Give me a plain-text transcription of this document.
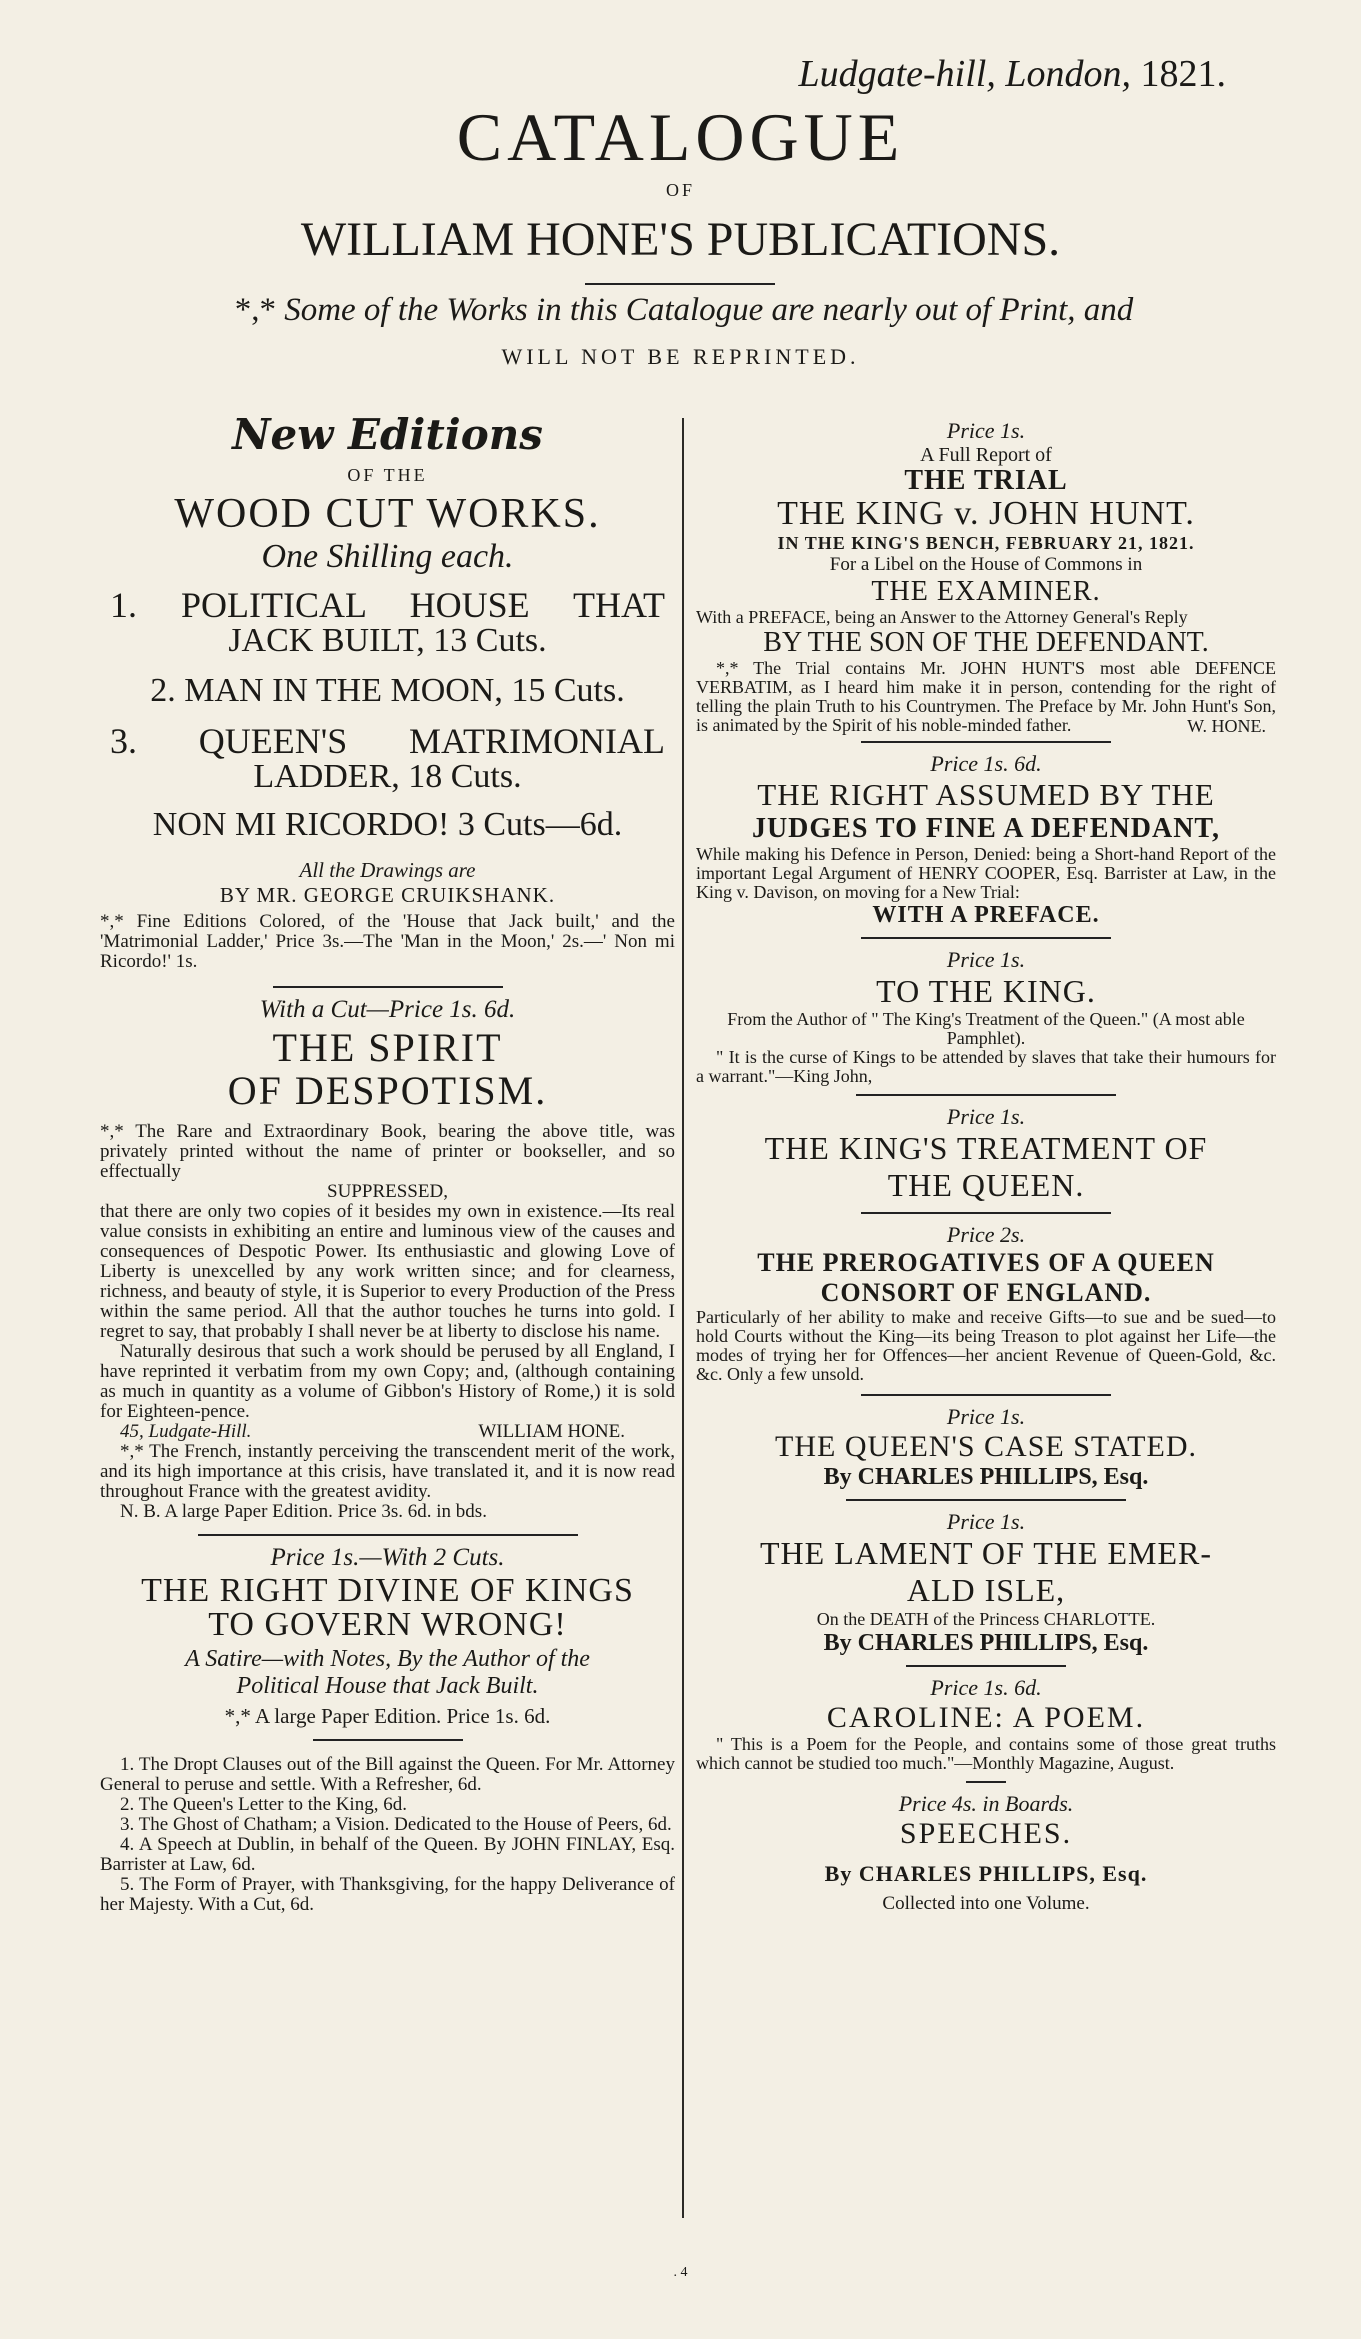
Ludgate-hill, London, 1821.
CATALOGUE
OF
WILLIAM HONE'S PUBLICATIONS.
*,* Some of the Works in this Catalogue are nearly out of Print, and
WILL NOT BE REPRINTED.
New Editions
OF THE
WOOD CUT WORKS.
One Shilling each.
1. POLITICAL HOUSE THAT
JACK BUILT, 13 Cuts.
2. MAN IN THE MOON, 15 Cuts.
3. QUEEN'S MATRIMONIAL
LADDER, 18 Cuts.
NON MI RICORDO! 3 Cuts—6d.
All the Drawings are
BY MR. GEORGE CRUIKSHANK.

*,* Fine Editions Colored, of the 'House that Jack built,' and the 'Matrimonial Ladder,' Price 3s.—The 'Man in the Moon,' 2s.—' Non mi Ricordo!' 1s.

With a Cut—Price 1s. 6d.
THE SPIRIT
OF DESPOTISM.

*,* The Rare and Extraordinary Book, bearing the above title, was privately printed without the name of printer or bookseller, and so effectually

SUPPRESSED,

that there are only two copies of it besides my own in existence.—Its real value consists in exhibiting an entire and luminous view of the causes and consequences of Despotic Power. Its enthusiastic and glowing Love of Liberty is unexcelled by any work written since; and for clearness, richness, and beauty of style, it is Superior to every Production of the Press within the same period. All that the author touches he turns into gold. I regret to say, that probably I shall never be at liberty to disclose his name.

Naturally desirous that such a work should be perused by all England, I have reprinted it verbatim from my own Copy; and, (although containing as much in quantity as a volume of Gibbon's History of Rome,) it is sold for Eighteen-pence.

45, Ludgate-Hill.	WILLIAM HONE.

*,* The French, instantly perceiving the transcendent merit of the work, and its high importance at this crisis, have translated it, and it is now read throughout France with the greatest avidity.

N. B. A large Paper Edition. Price 3s. 6d. in bds.

Price 1s.—With 2 Cuts.
THE RIGHT DIVINE OF KINGS
TO GOVERN WRONG!
A Satire—with Notes, By the Author of the
Political House that Jack Built.
*,* A large Paper Edition. Price 1s. 6d.

1. The Dropt Clauses out of the Bill against the Queen. For Mr. Attorney General to peruse and settle. With a Refresher, 6d.

2. The Queen's Letter to the King, 6d.

3. The Ghost of Chatham; a Vision. Dedicated to the House of Peers, 6d.

4. A Speech at Dublin, in behalf of the Queen. By JOHN FINLAY, Esq. Barrister at Law, 6d.

5. The Form of Prayer, with Thanksgiving, for the happy Deliverance of her Majesty. With a Cut, 6d.

Price 1s.
A Full Report of
THE TRIAL
THE KING v. JOHN HUNT.
IN THE KING'S BENCH, FEBRUARY 21, 1821.
For a Libel on the House of Commons in
THE EXAMINER.

With a PREFACE, being an Answer to the Attorney General's Reply

BY THE SON OF THE DEFENDANT.

*,* The Trial contains Mr. JOHN HUNT'S most able DEFENCE VERBATIM, as I heard him make it in person, contending for the right of telling the plain Truth to his Countrymen. The Preface by Mr. John Hunt's Son, is animated by the Spirit of his noble-minded father.	W. HONE.
Price 1s. 6d.
THE RIGHT ASSUMED BY THE
JUDGES TO FINE A DEFENDANT,

While making his Defence in Person, Denied: being a Short-hand Report of the important Legal Argument of HENRY COOPER, Esq. Barrister at Law, in the King v. Davison, on moving for a New Trial:

WITH A PREFACE.
Price 1s.
TO THE KING.

From the Author of " The King's Treatment of the Queen." (A most able Pamphlet).

" It is the curse of Kings to be attended by slaves that take their humours for a warrant."—King John,

Price 1s.
THE KING'S TREATMENT OF
THE QUEEN.
Price 2s.
THE PREROGATIVES OF A QUEEN
CONSORT OF ENGLAND.

Particularly of her ability to make and receive Gifts—to sue and be sued—to hold Courts without the King—its being Treason to plot against her Life—the modes of trying her for Offences—her ancient Revenue of Queen-Gold, &c. &c. Only a few unsold.

Price 1s.
THE QUEEN'S CASE STATED.
By CHARLES PHILLIPS, Esq.
Price 1s.
THE LAMENT OF THE EMER-
ALD ISLE,
On the DEATH of the Princess CHARLOTTE.
By CHARLES PHILLIPS, Esq.
Price 1s. 6d.
CAROLINE: A POEM.

" This is a Poem for the People, and contains some of those great truths which cannot be studied too much."—Monthly Magazine, August.

Price 4s. in Boards.
SPEECHES.
By CHARLES PHILLIPS, Esq.
Collected into one Volume.
. 4
